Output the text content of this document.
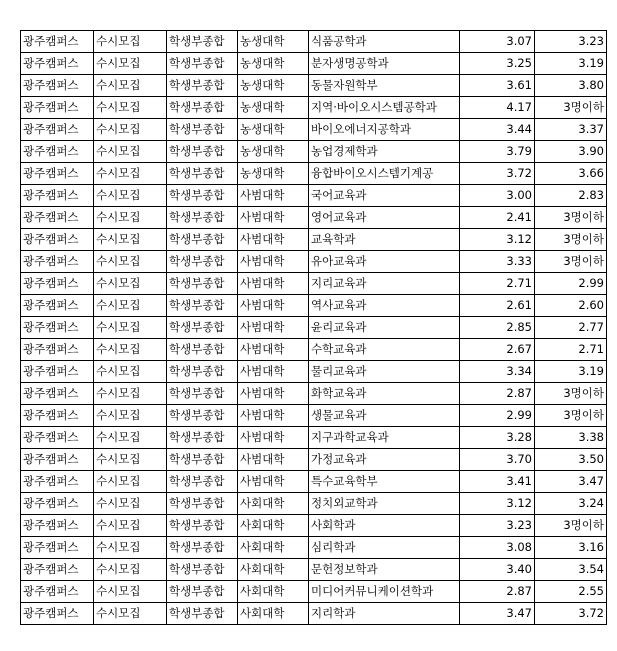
광주캠퍼스	수시모집	학생부종합	농생대학	식품공학과	3.07	3.23
광주캠퍼스	수시모집	학생부종합	농생대학	분자생명공학과	3.25	3.19
광주캠퍼스	수시모집	학생부종합	농생대학	동물자원학부	3.61	3.80
광주캠퍼스	수시모집	학생부종합	농생대학	지역·바이오시스템공학과	4.17	3명이하
광주캠퍼스	수시모집	학생부종합	농생대학	바이오에너지공학과	3.44	3.37
광주캠퍼스	수시모집	학생부종합	농생대학	농업경제학과	3.79	3.90
광주캠퍼스	수시모집	학생부종합	농생대학	융합바이오시스템기계공	3.72	3.66
광주캠퍼스	수시모집	학생부종합	사범대학	국어교육과	3.00	2.83
광주캠퍼스	수시모집	학생부종합	사범대학	영어교육과	2.41	3명이하
광주캠퍼스	수시모집	학생부종합	사범대학	교육학과	3.12	3명이하
광주캠퍼스	수시모집	학생부종합	사범대학	유아교육과	3.33	3명이하
광주캠퍼스	수시모집	학생부종합	사범대학	지리교육과	2.71	2.99
광주캠퍼스	수시모집	학생부종합	사범대학	역사교육과	2.61	2.60
광주캠퍼스	수시모집	학생부종합	사범대학	윤리교육과	2.85	2.77
광주캠퍼스	수시모집	학생부종합	사범대학	수학교육과	2.67	2.71
광주캠퍼스	수시모집	학생부종합	사범대학	물리교육과	3.34	3.19
광주캠퍼스	수시모집	학생부종합	사범대학	화학교육과	2.87	3명이하
광주캠퍼스	수시모집	학생부종합	사범대학	생물교육과	2.99	3명이하
광주캠퍼스	수시모집	학생부종합	사범대학	지구과학교육과	3.28	3.38
광주캠퍼스	수시모집	학생부종합	사범대학	가정교육과	3.70	3.50
광주캠퍼스	수시모집	학생부종합	사범대학	특수교육학부	3.41	3.47
광주캠퍼스	수시모집	학생부종합	사회대학	정치외교학과	3.12	3.24
광주캠퍼스	수시모집	학생부종합	사회대학	사회학과	3.23	3명이하
광주캠퍼스	수시모집	학생부종합	사회대학	심리학과	3.08	3.16
광주캠퍼스	수시모집	학생부종합	사회대학	문헌정보학과	3.40	3.54
광주캠퍼스	수시모집	학생부종합	사회대학	미디어커뮤니케이션학과	2.87	2.55
광주캠퍼스	수시모집	학생부종합	사회대학	지리학과	3.47	3.72
